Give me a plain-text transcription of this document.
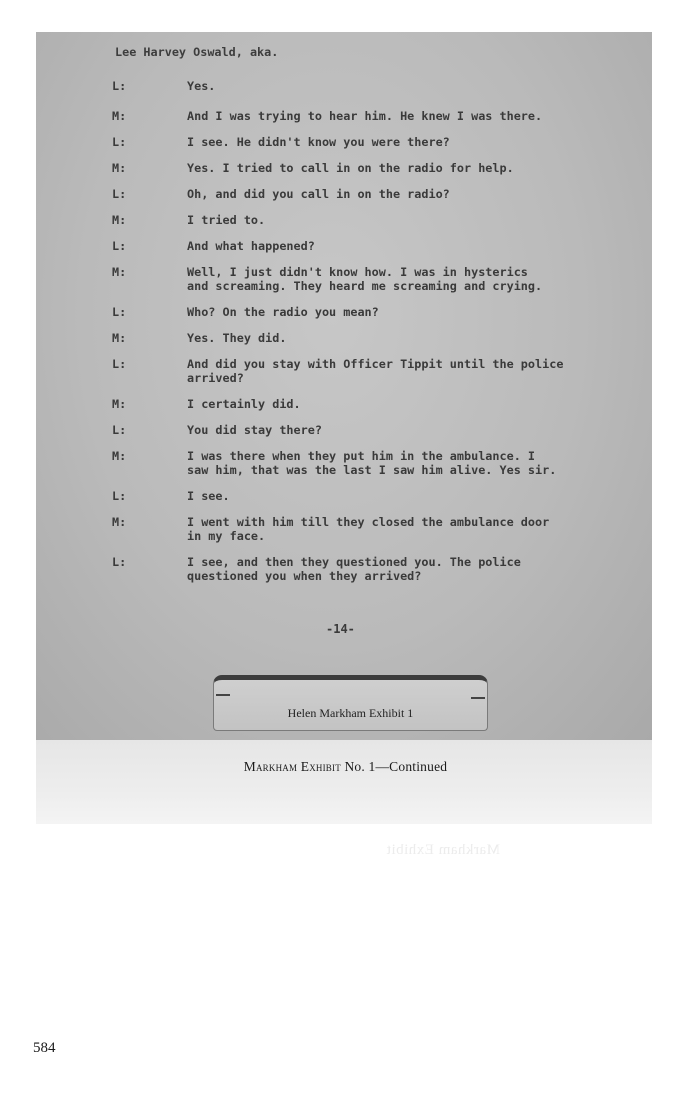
Lee Harvey Oswald, aka.
L:	Yes.
M:	And I was trying to hear him. He knew I was there.
L:	I see. He didn't know you were there?
M:	Yes. I tried to call in on the radio for help.
L:	Oh, and did you call in on the radio?
M:	I tried to.
L:	And what happened?
M:	Well, I just didn't know how. I was in hysterics
and screaming. They heard me screaming and crying.
L:	Who? On the radio you mean?
M:	Yes. They did.
L:	And did you stay with Officer Tippit until the police
arrived?
M:	I certainly did.
L:	You did stay there?
M:	I was there when they put him in the ambulance. I
saw him, that was the last I saw him alive. Yes sir.
L:	I see.
M:	I went with him till they closed the ambulance door
in my face.
L:	I see, and then they questioned you. The police
questioned you when they arrived?
-14-
Helen Markham Exhibit 1
Markham Exhibit
Markham Exhibit No. 1—Continued
584
